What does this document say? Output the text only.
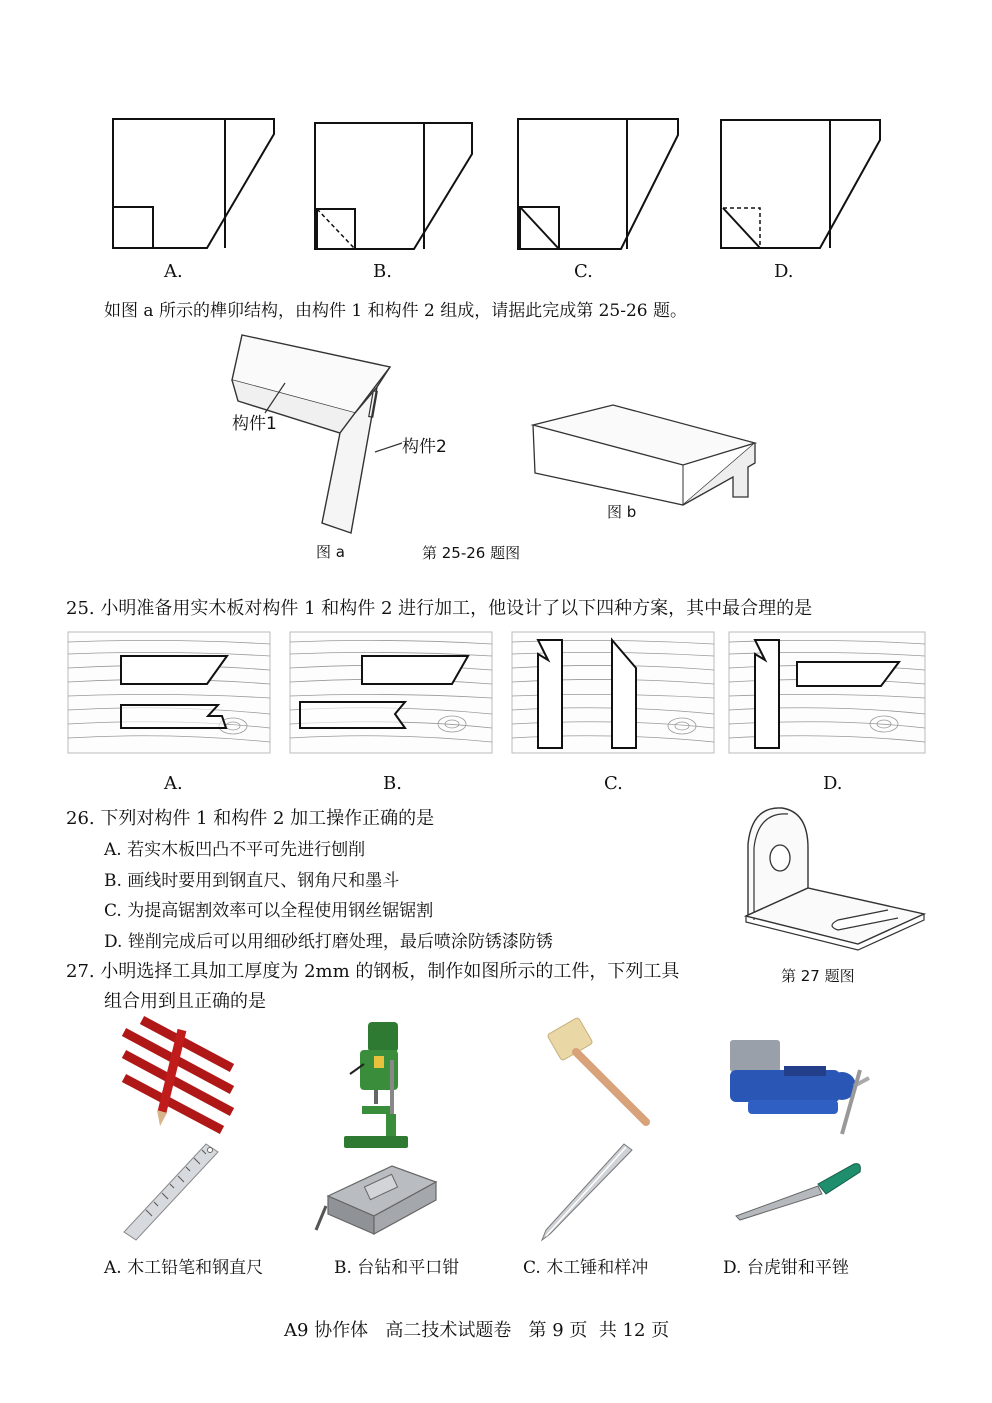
A.	B.	C.	D.
如图 a 所示的榫卯结构，由构件 1 和构件 2 组成，请据此完成第 25-26 题。
构件1
构件2
图 a	第 25-26 题图
图 b
25. 小明准备用实木板对构件 1 和构件 2 进行加工，他设计了以下四种方案，其中最合理的是
A.	B.	C.	D.
26. 下列对构件 1 和构件 2 加工操作正确的是
A. 若实木板凹凸不平可先进行刨削
B. 画线时要用到钢直尺、钢角尺和墨斗
C. 为提高锯割效率可以全程使用钢丝锯锯割
D. 锉削完成后可以用细砂纸打磨处理，最后喷涂防锈漆防锈
第 27 题图
27. 小明选择工具加工厚度为 2mm 的钢板，制作如图所示的工件，下列工具
组合用到且正确的是
A. 木工铅笔和钢直尺	B. 台钻和平口钳	C. 木工锤和样冲	D. 台虎钳和平锉
A9 协作体   高二技术试题卷   第 9 页  共 12 页
